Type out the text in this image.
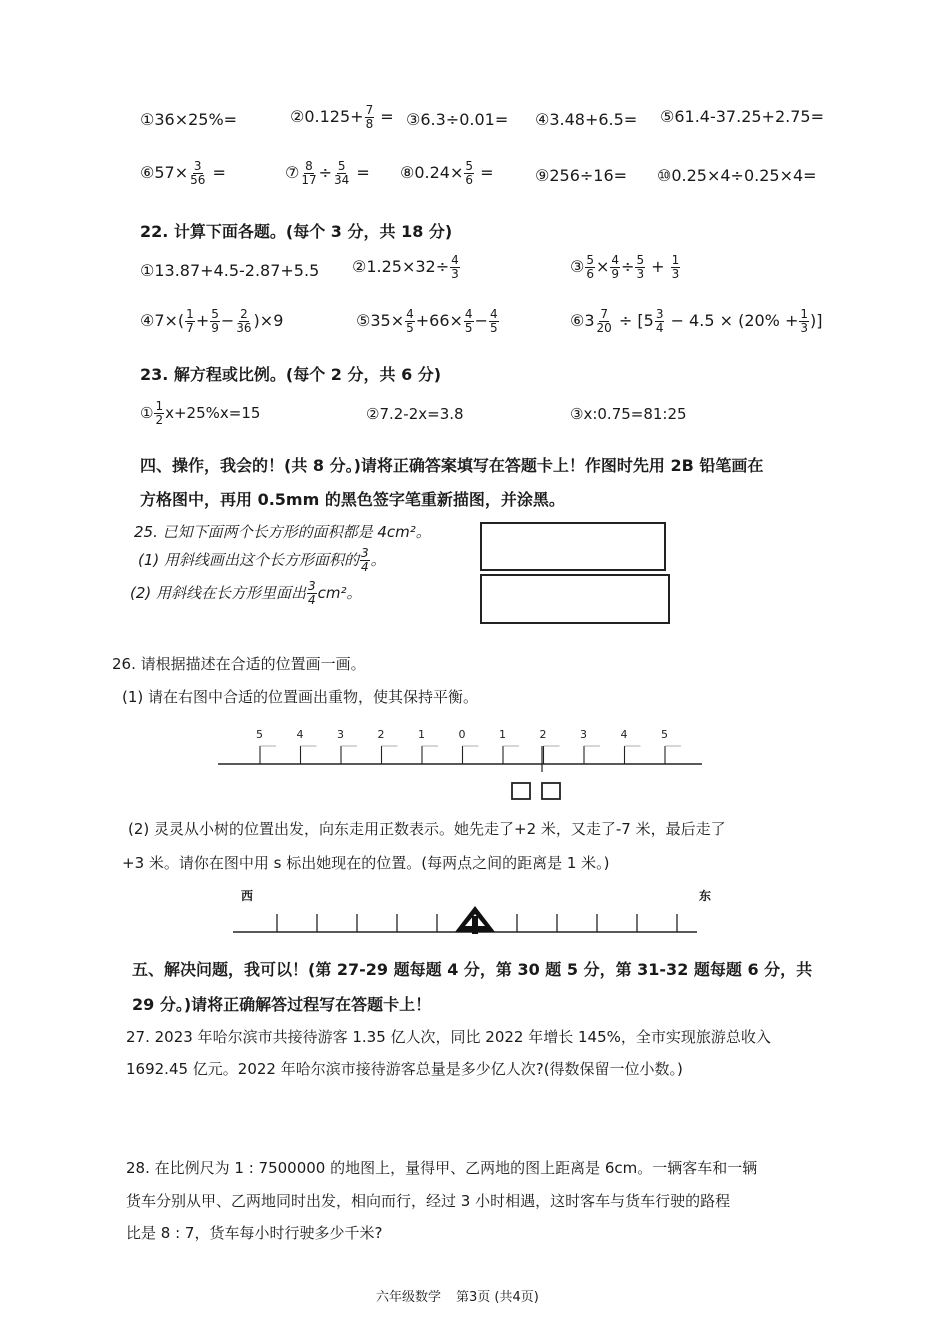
①36×25%=	②0.125+ $\frac{7}{8}$ = ③6.3÷0.01= ④3.48+6.5= ⑤61.4-37.25+2.75=
⑥57× $\frac{3}{56}$ =	⑦ $\frac{8}{17} \div \frac{5}{34}$ = ⑧0.24× $\frac{5}{6}$ =	⑨256÷16= ⑩0.25×4÷0.25×4=
22. 计算下面各题。(每个 3 分，共 18 分)
①13.87+4.5-2.87+5.5 ②1.25×32÷ $\frac{4}{3}$	③ $\frac{5}{6} \times \frac{4}{9} \div \frac{5}{3} + \frac{1}{3}$
④7×( $\frac{1}{7} + \frac{5}{9} - \frac{2}{36} )\times 9$	⑤35× $\frac{4}{5} +66\times \frac{4}{5} - \frac{4}{5}$	⑥3 $\frac{7}{20} \div [5 \frac{3}{4} - 4.5 \times (20\% + \frac{1}{3}$ )]
23. 解方程或比例。(每个 2 分，共 6 分)
① $\frac{1}{2} x+25\%x=15$	②7.2-2x=3.8	③x:0.75=81:25
四、操作，我会的！(共 8 分。)请将正确答案填写在答题卡上！作图时先用 2B 铅笔画在
方格图中，再用 0.5mm 的黑色签字笔重新描图，并涂黑。
25. 已知下面两个长方形的面积都是 4cm²。
(1) 用斜线画出这个长方形面积的 $\frac{3}{4}$ 。
(2) 用斜线在长方形里面出 $\frac{3}{4} cm^2$。
26. 请根据描述在合适的位置画一画。
(1) 请在右图中合适的位置画出重物，使其保持平衡。
5	4	3	2	1	0	1	2	3	4	5
(2) 灵灵从小树的位置出发，向东走用正数表示。她先走了+2 米，又走了-7 米，最后走了
+3 米。请你在图中用 s 标出她现在的位置。(每两点之间的距离是 1 米。)
西	东
五、解决问题，我可以！(第 27-29 题每题 4 分，第 30 题 5 分，第 31-32 题每题 6 分，共
29 分。)请将正确解答过程写在答题卡上！
27. 2023 年哈尔滨市共接待游客 1.35 亿人次，同比 2022 年增长 145%，全市实现旅游总收入
1692.45 亿元。2022 年哈尔滨市接待游客总量是多少亿人次?(得数保留一位小数。)
28. 在比例尺为 1 : 7500000 的地图上，量得甲、乙两地的图上距离是 6cm。一辆客车和一辆
货车分别从甲、乙两地同时出发，相向而行，经过 3 小时相遇，这时客车与货车行驶的路程
比是 8 : 7，货车每小时行驶多少千米?
六年级数学 第3页 (共4页)
